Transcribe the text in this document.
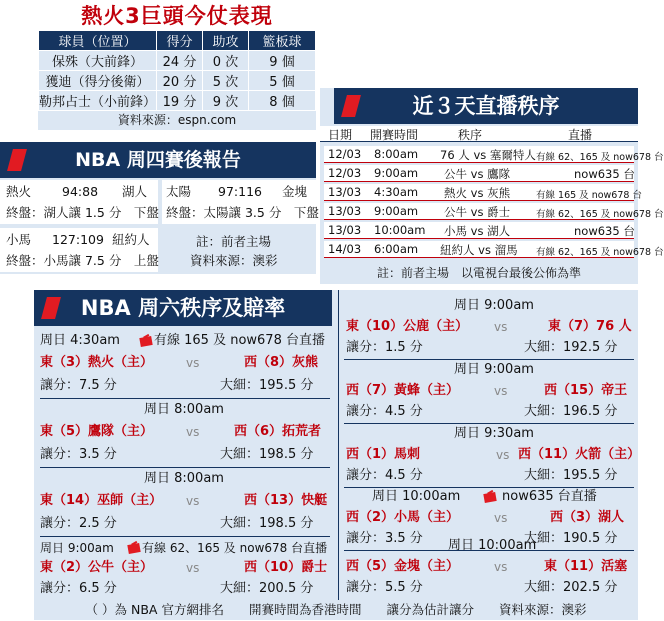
熱火3巨頭今仗表現
球員（位置）	得分	助攻	籃板球
保殊（大前鋒）	24 分	0 次	9 個
獲迪（得分後衛）	20 分	5 次	5 個
勒邦占士（小前鋒）	19 分	9 次	8 個
資料來源：espn.com
近３天直播秩序
日期 開賽時間	秩序	直播
12/03 8:00am 76 人 vs 塞爾特人 有線 62、165 及 now678 台
12/03 9:00am 公牛 vs 鷹隊	now635 台
13/03 4:30am 熱火 vs 灰熊	有線 165 及 now678 台
13/03 9:00am 公牛 vs 爵士	有線 62、165 及 now678 台
13/03 10:00am 小馬 vs 湖人	now635 台
14/03 6:00am 紐約人 vs 溜馬 有線 62、165 及 now678 台
註：前者主場　以電視台最後公佈為準
NBA 周四賽後報告
熱火 94:88 湖人
終盤：湖人讓 1.5 分　下盤
太陽 97:116 金塊
終盤：太陽讓 3.5 分　下盤
小馬 127:109 紐約人
終盤：小馬讓 7.5 分　上盤
註：前者主場
資料來源：澳彩
NBA 周六秩序及賠率
周日 4:30am	有線 165 及 now678 台直播
東（3）熱火（主）	vs	西（8）灰熊
讓分：7.5 分	大細：195.5 分
周日 8:00am
東（5）鷹隊（主）	vs	西（6）拓荒者
讓分：3.5 分	大細：198.5 分
周日 8:00am
東（14）巫師（主） vs	西（13）快艇
讓分：2.5 分	大細：198.5 分
周日 9:00am 有線 62、165 及 now678 台直播
東（2）公牛（主）	vs	西（10）爵士
讓分：6.5 分	大細：200.5 分
周日 9:00am
東（10）公鹿（主） vs	東（7）76 人
讓分：1.5 分	大細：192.5 分
周日 9:00am
西（7）黃蜂（主）	vs	西（15）帝王
讓分：4.5 分	大細：196.5 分
周日 9:30am
西（1）馬刺	vs 西（11）火箭（主）
讓分：4.5 分	大細：195.5 分
周日 10:00am	now635 台直播
西（2）小馬（主）	vs	西（3）湖人
讓分：3.5 分	大細：190.5 分
周日 10:00am
西（5）金塊（主）	vs	東（11）活塞
讓分：5.5 分	大細：202.5 分
（ ）為 NBA 官方網排名　　開賽時間為香港時間　　讓分為估計讓分　　資料來源：澳彩
